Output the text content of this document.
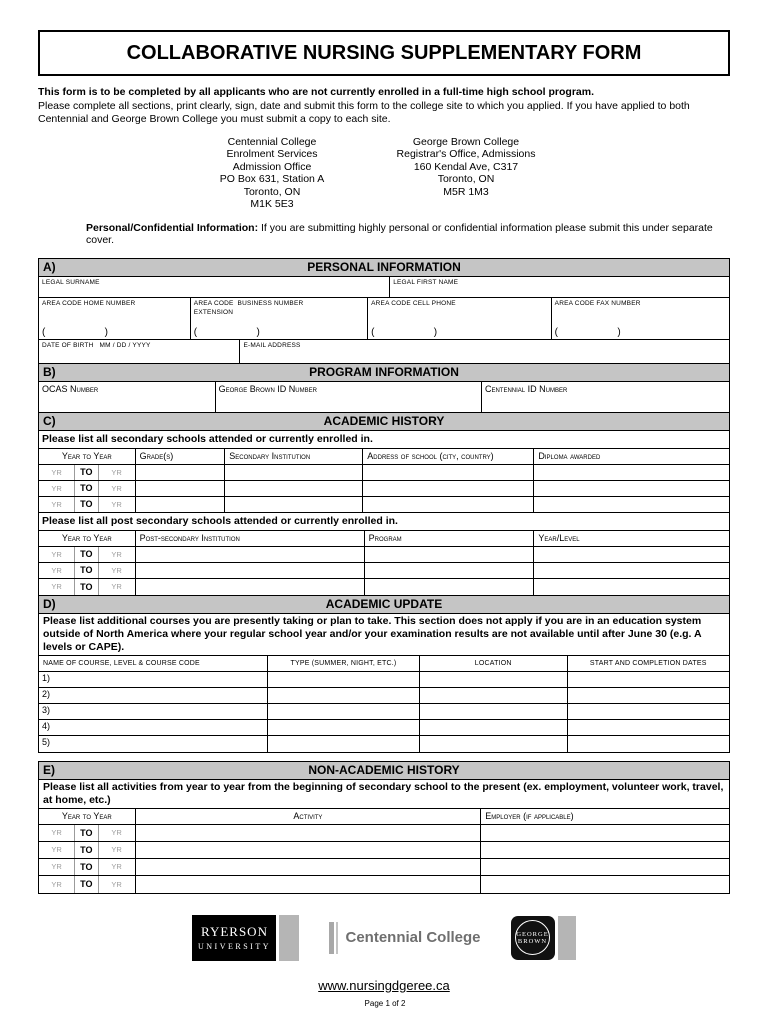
COLLABORATIVE NURSING SUPPLEMENTARY FORM
This form is to be completed by all applicants who are not currently enrolled in a full-time high school program.
Please complete all sections, print clearly, sign, date and submit this form to the college site to which you applied. If you have applied to both Centennial and George Brown College you must submit a copy to each site.
Centennial College
Enrolment Services
Admission Office
PO Box 631, Station A
Toronto, ON
M1K 5E3
George Brown College
Registrar's Office, Admissions
160 Kendal Ave, C317
Toronto, ON
M5R 1M3
Personal/Confidential Information: If you are submitting highly personal or confidential information please submit this under separate cover.
A)	PERSONAL INFORMATION
LEGAL SURNAME	LEGAL FIRST NAME
AREA CODE HOME NUMBER
(	)
AREA CODE  BUSINESS NUMBER
EXTENSION
(	)
AREA CODE CELL PHONE
(	)
AREA CODE FAX NUMBER
(	)
DATE OF BIRTH   MM / DD / YYYY	E-MAIL ADDRESS
B)	PROGRAM INFORMATION
OCAS Number	George Brown ID Number	Centennial ID Number
C)	ACADEMIC HISTORY
Please list all secondary schools attended or currently enrolled in.
Year to Year	Grade(s)	Secondary Institution	Address of school (city, country)	Diploma awarded
YR	TO	YR
YR	TO	YR
YR	TO	YR
Please list all post secondary schools attended or currently enrolled in.
Year to Year	Post-secondary Institution	Program	Year/Level
YR	TO	YR
YR	TO	YR
YR	TO	YR
D)	ACADEMIC UPDATE
Please list additional courses you are presently taking or plan to take. This section does not apply if you are in an education system outside of North America where your regular school year and/or your examination results are not available until after June 30 (e.g. A levels or CAPE).
NAME OF COURSE, LEVEL & COURSE CODE	TYPE (SUMMER, NIGHT, ETC.)	LOCATION	START AND COMPLETION DATES
1)
2)
3)
4)
5)
E)	NON-ACADEMIC HISTORY
Please list all activities from year to year from the beginning of secondary school to the present (ex. employment, volunteer work, travel, at home, etc.)
Year to Year	Activity	Employer (if applicable)
YR	TO	YR
YR	TO	YR
YR	TO	YR
YR	TO	YR
RYERSON
UNIVERSITY
Centennial College	GEORGE
BROWN
www.nursingdgeree.ca
Page 1 of 2
